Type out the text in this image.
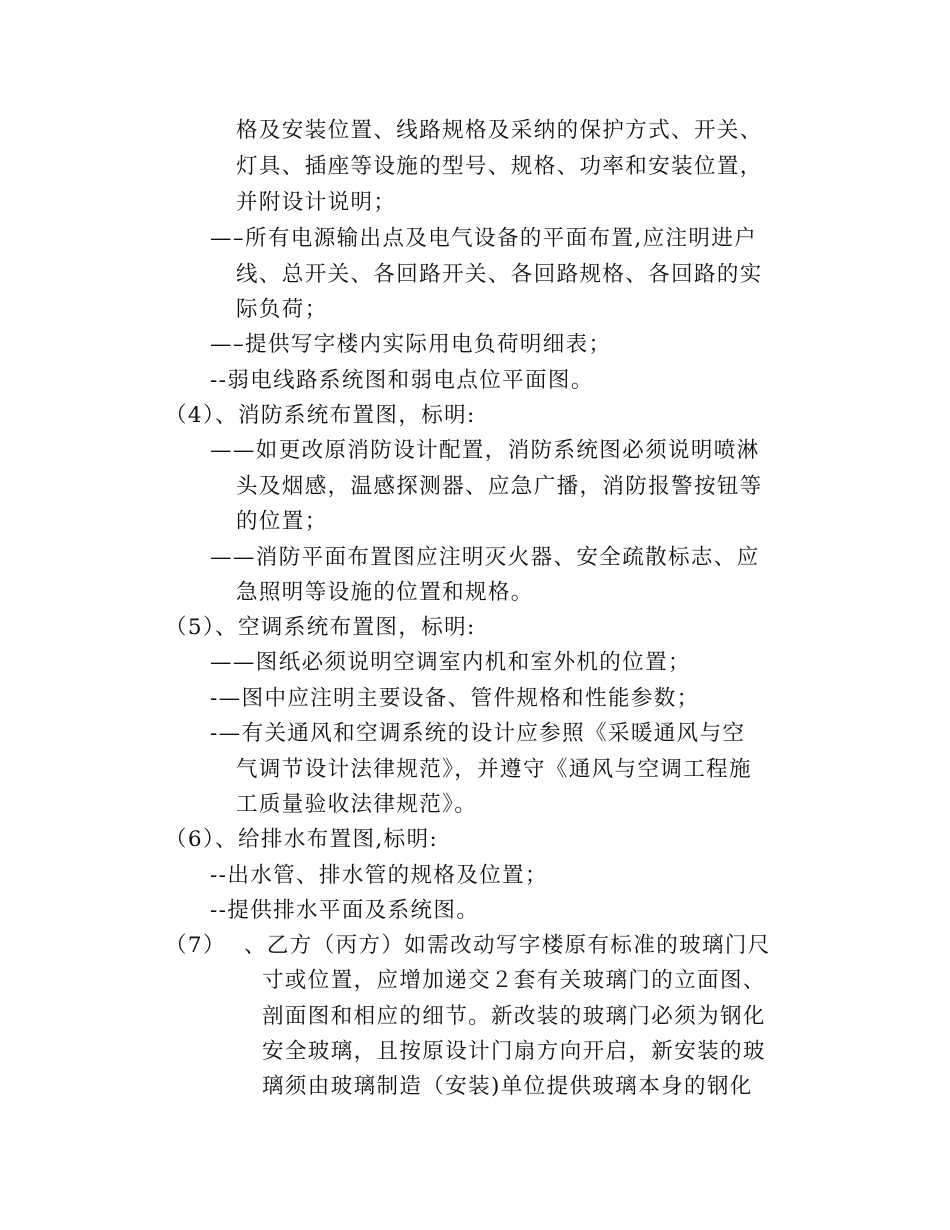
格及安装位置、线路规格及采纳的保护方式、开关、
灯具、插座等设施的型号、规格、功率和安装位置，
并附设计说明；
—–所有电源输出点及电气设备的平面布置,应注明进户
线、总开关、各回路开关、各回路规格、各回路的实
际负荷；
—–提供写字楼内实际用电负荷明细表；
--弱电线路系统图和弱电点位平面图。
（4）、消防系统布置图，标明:
——如更改原消防设计配置，消防系统图必须说明喷淋
头及烟感，温感探测器、应急广播，消防报警按钮等
的位置；
——消防平面布置图应注明灭火器、安全疏散标志、应
急照明等设施的位置和规格。
（5）、空调系统布置图，标明:
——图纸必须说明空调室内机和室外机的位置；
-—图中应注明主要设备、管件规格和性能参数；
-—有关通风和空调系统的设计应参照《采暖通风与空
气调节设计法律规范》，并遵守《通风与空调工程施
工质量验收法律规范》。
（6）、给排水布置图,标明:
--出水管、排水管的规格及位置；
--提供排水平面及系统图。
（7） 、乙方（丙方）如需改动写字楼原有标准的玻璃门尺
寸或位置，应增加递交２套有关玻璃门的立面图、
剖面图和相应的细节。新改装的玻璃门必须为钢化
安全玻璃，且按原设计门扇方向开启，新安装的玻
璃须由玻璃制造（安装)单位提供玻璃本身的钢化
